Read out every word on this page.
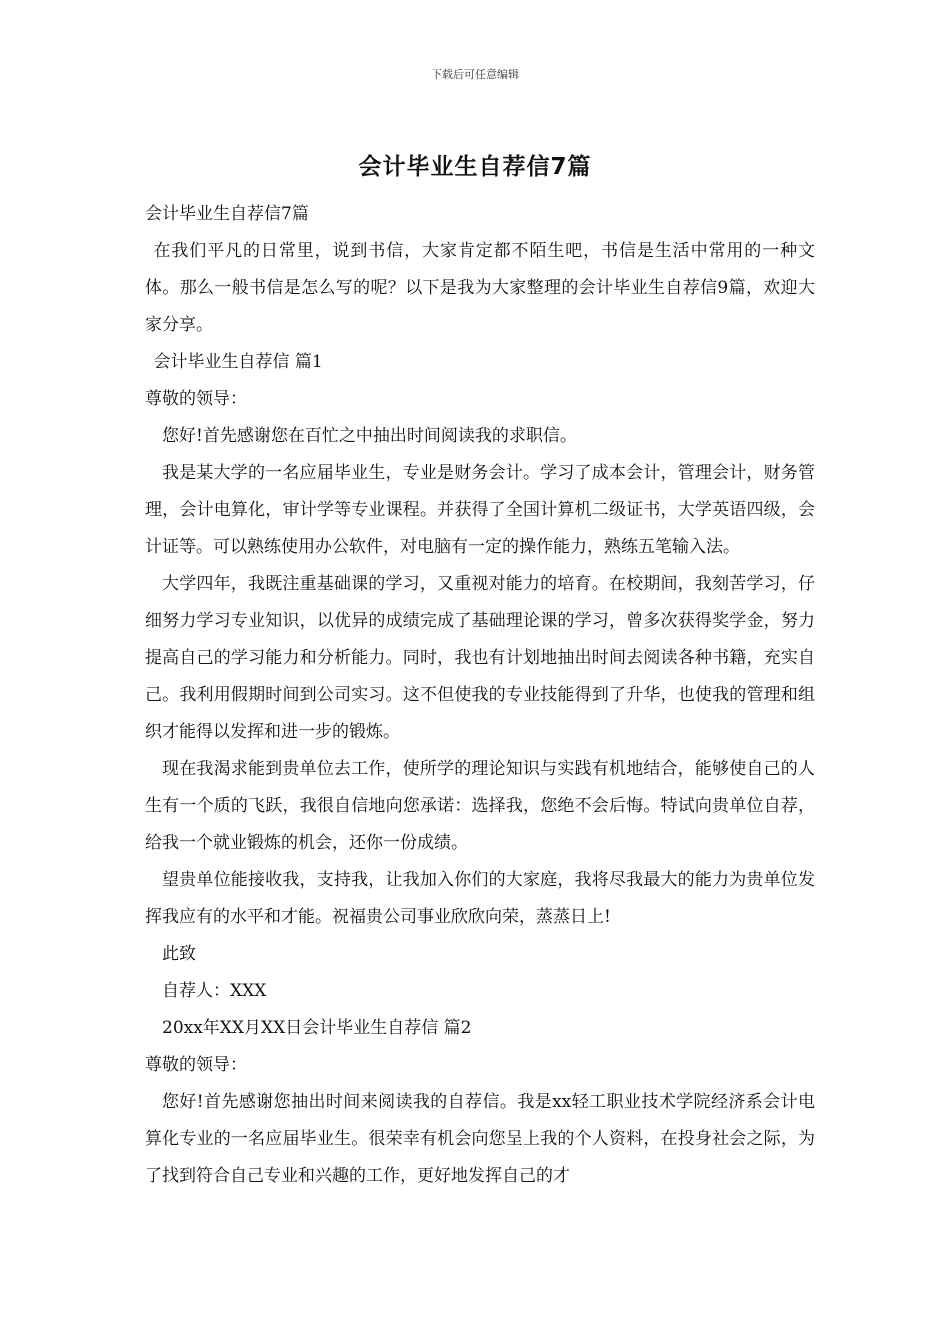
下载后可任意编辑
会计毕业生自荐信7篇

会计毕业生自荐信7篇

在我们平凡的日常里，说到书信，大家肯定都不陌生吧，书信是生活中常用的一种文体。那么一般书信是怎么写的呢？以下是我为大家整理的会计毕业生自荐信9篇，欢迎大家分享。

会计毕业生自荐信 篇1

尊敬的领导：

您好!首先感谢您在百忙之中抽出时间阅读我的求职信。

我是某大学的一名应届毕业生，专业是财务会计。学习了成本会计，管理会计，财务管理，会计电算化，审计学等专业课程。并获得了全国计算机二级证书，大学英语四级，会计证等。可以熟练使用办公软件，对电脑有一定的操作能力，熟练五笔输入法。

大学四年，我既注重基础课的学习，又重视对能力的培育。在校期间，我刻苦学习，仔细努力学习专业知识，以优异的成绩完成了基础理论课的学习，曾多次获得奖学金，努力提高自己的学习能力和分析能力。同时，我也有计划地抽出时间去阅读各种书籍，充实自己。我利用假期时间到公司实习。这不但使我的专业技能得到了升华，也使我的管理和组织才能得以发挥和进一步的锻炼。

现在我渴求能到贵单位去工作，使所学的理论知识与实践有机地结合，能够使自己的人生有一个质的飞跃，我很自信地向您承诺：选择我，您绝不会后悔。特试向贵单位自荐，给我一个就业锻炼的机会，还你一份成绩。

望贵单位能接收我，支持我，让我加入你们的大家庭，我将尽我最大的能力为贵单位发挥我应有的水平和才能。祝福贵公司事业欣欣向荣，蒸蒸日上!

此致

自荐人：XXX

20xx年XX月XX日会计毕业生自荐信 篇2

尊敬的领导：

您好!首先感谢您抽出时间来阅读我的自荐信。我是xx轻工职业技术学院经济系会计电算化专业的一名应届毕业生。很荣幸有机会向您呈上我的个人资料，在投身社会之际，为了找到符合自己专业和兴趣的工作，更好地发挥自己的才
